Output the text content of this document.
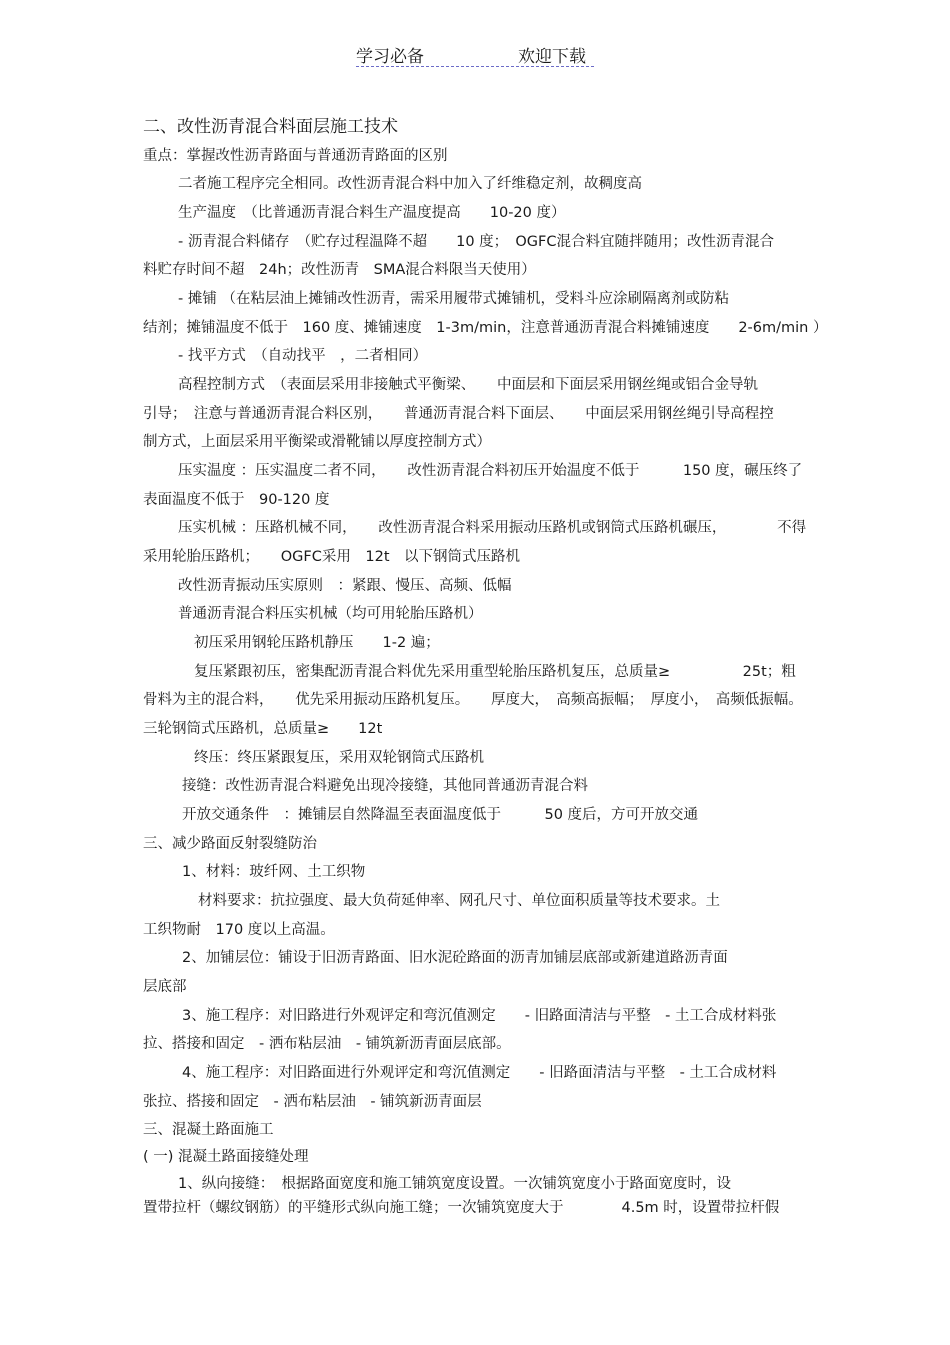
学习必备	欢迎下载
二、改性沥青混合料面层施工技术
重点：掌握改性沥青路面与普通沥青路面的区别
二者施工程序完全相同。改性沥青混合料中加入了纤维稳定剂，故稠度高
生产温度　（比普通沥青混合料生产温度提高　　10-20 度）
- 沥青混合料储存　（贮存过程温降不超　　10 度；　OGFC混合料宜随拌随用；改性沥青混合
料贮存时间不超　24h；改性沥青　SMA混合料限当天使用）
- 摊铺 （在粘层油上摊铺改性沥青，需采用履带式摊铺机，受料斗应涂刷隔离剂或防粘
结剂；摊铺温度不低于　160 度、摊铺速度　1-3m/min，注意普通沥青混合料摊铺速度　　2-6m/min ）
- 找平方式　（自动找平　，二者相同）
高程控制方式　（表面层采用非接触式平衡梁、　　中面层和下面层采用钢丝绳或铝合金导轨
引导；　注意与普通沥青混合料区别，　　普通沥青混合料下面层、　　中面层采用钢丝绳引导高程控
制方式，上面层采用平衡梁或滑靴铺以厚度控制方式）
压实温度 ：压实温度二者不同，　　改性沥青混合料初压开始温度不低于　　　150 度，碾压终了
表面温度不低于　90-120 度
压实机械 ：压路机械不同，　　改性沥青混合料采用振动压路机或钢筒式压路机碾压，　　　　不得
采用轮胎压路机；　　OGFC采用　12t　以下钢筒式压路机
改性沥青振动压实原则　：紧跟、慢压、高频、低幅
普通沥青混合料压实机械（均可用轮胎压路机）
初压采用钢轮压路机静压　　1-2 遍；
复压紧跟初压，密集配沥青混合料优先采用重型轮胎压路机复压，总质量≥　　　　　25t；粗
骨料为主的混合料，　　优先采用振动压路机复压。　　厚度大，　高频高振幅；　厚度小，　高频低振幅。
三轮钢筒式压路机，总质量≥　　12t
终压：终压紧跟复压，采用双轮钢筒式压路机
接缝：改性沥青混合料避免出现冷接缝，其他同普通沥青混合料
开放交通条件　：摊铺层自然降温至表面温度低于　　　50 度后，方可开放交通
三、减少路面反射裂缝防治
1、材料：玻纤网、土工织物
材料要求：抗拉强度、最大负荷延伸率、网孔尺寸、单位面积质量等技术要求。土
工织物耐　170 度以上高温。
2、加铺层位：铺设于旧沥青路面、旧水泥砼路面的沥青加铺层底部或新建道路沥青面
层底部
3、施工程序：对旧路进行外观评定和弯沉值测定　　- 旧路面清洁与平整　- 土工合成材料张
拉、搭接和固定　- 洒布粘层油　- 铺筑新沥青面层底部。
4、施工程序：对旧路面进行外观评定和弯沉值测定　　- 旧路面清洁与平整　- 土工合成材料
张拉、搭接和固定　- 洒布粘层油　- 铺筑新沥青面层
三、混凝土路面施工
( 一) 混凝土路面接缝处理
1、纵向接缝：　根据路面宽度和施工铺筑宽度设置。一次铺筑宽度小于路面宽度时，设
置带拉杆（螺纹钢筋）的平缝形式纵向施工缝；一次铺筑宽度大于　　　　4.5m 时，设置带拉杆假
